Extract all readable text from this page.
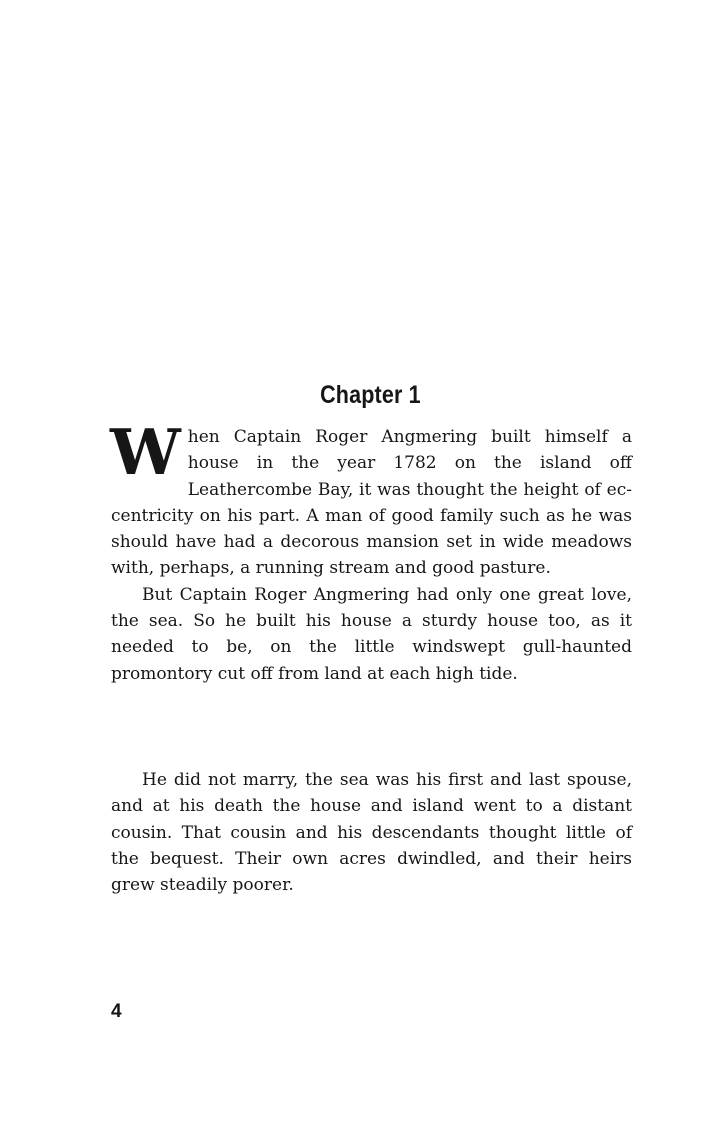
Chapter 1

When Captain Roger Angmering built himself a house in the year 1782 on the island off Leathercombe Bay, it was thought the height of eccentricity on his part. A man of good family such as he was should have had a decorous mansion set in wide meadows with, perhaps, a running stream and good pasture.

But Captain Roger Angmering had only one great love, the sea. So he built his house a sturdy house too, as it needed to be, on the little windswept gull-haunted promontory cut off from land at each high tide.

He did not marry, the sea was his first and last spouse, and at his death the house and island went to a distant cousin. That cousin and his descendants thought little of the bequest. Their own acres dwindled, and their heirs grew steadily poorer.

4
